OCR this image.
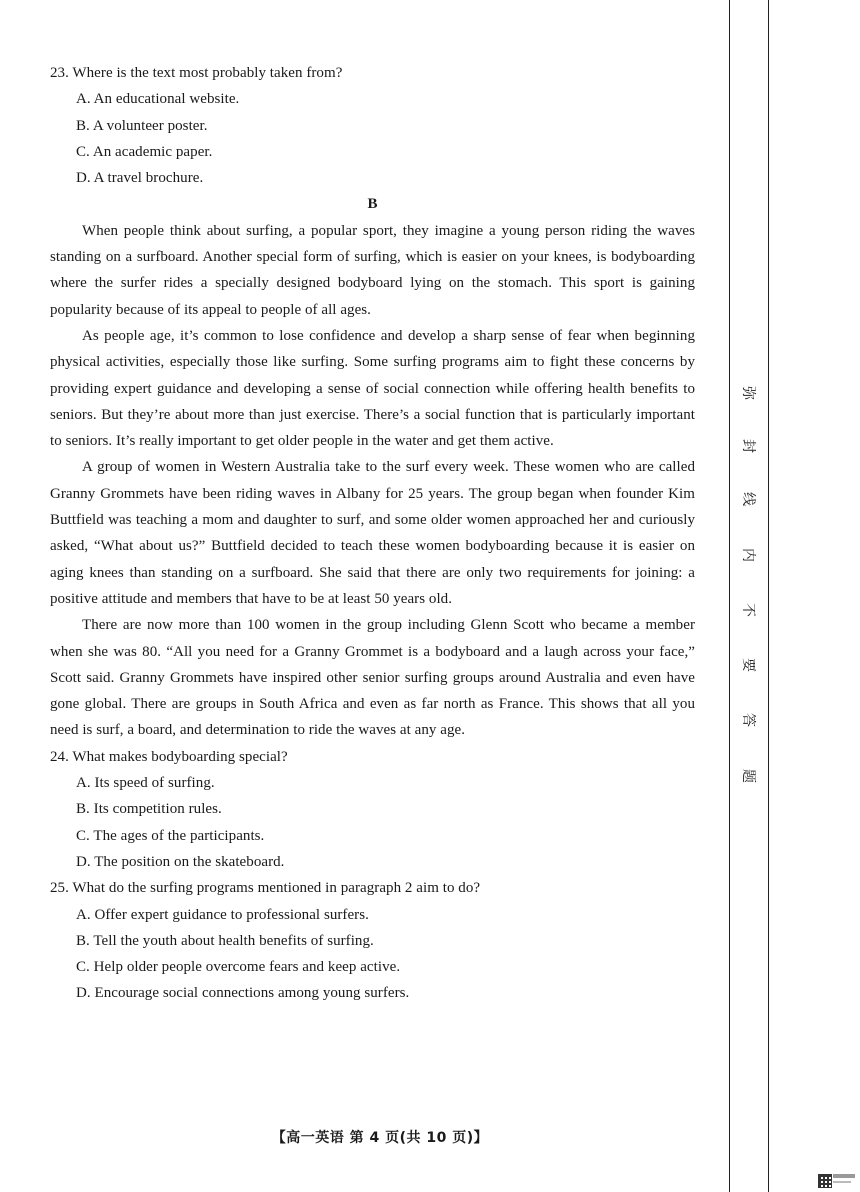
弥
封
线
内
不
要
答
题

23. Where is the text most probably taken from?

A. An educational website.

B. A volunteer poster.

C. An academic paper.

D. A travel brochure.

B

When people think about surfing, a popular sport, they imagine a young person riding the waves standing on a surfboard. Another special form of surfing, which is easier on your knees, is bodyboarding where the surfer rides a specially designed bodyboard lying on the stomach. This sport is gaining popularity because of its appeal to people of all ages.

As people age, it’s common to lose confidence and develop a sharp sense of fear when beginning physical activities, especially those like surfing. Some surfing programs aim to fight these concerns by providing expert guidance and developing a sense of social connection while offering health benefits to seniors. But they’re about more than just exercise. There’s a social function that is particularly important to seniors. It’s really important to get older people in the water and get them active.

A group of women in Western Australia take to the surf every week. These women who are called Granny Grommets have been riding waves in Albany for 25 years. The group began when founder Kim Buttfield was teaching a mom and daughter to surf, and some older women approached her and curiously asked, “What about us?” Buttfield decided to teach these women bodyboarding because it is easier on aging knees than standing on a surfboard. She said that there are only two requirements for joining: a positive attitude and members that have to be at least 50 years old.

There are now more than 100 women in the group including Glenn Scott who became a member when she was 80. “All you need for a Granny Grommet is a bodyboard and a laugh across your face,” Scott said. Granny Grommets have inspired other senior surfing groups around Australia and even have gone global. There are groups in South Africa and even as far north as France. This shows that all you need is surf, a board, and determination to ride the waves at any age.

24. What makes bodyboarding special?

A. Its speed of surfing.

B. Its competition rules.

C. The ages of the participants.

D. The position on the skateboard.

25. What do the surfing programs mentioned in paragraph 2 aim to do?

A. Offer expert guidance to professional surfers.

B. Tell the youth about health benefits of surfing.

C. Help older people overcome fears and keep active.

D. Encourage social connections among young surfers.

【高一英语 第 4 页(共 10 页)】
